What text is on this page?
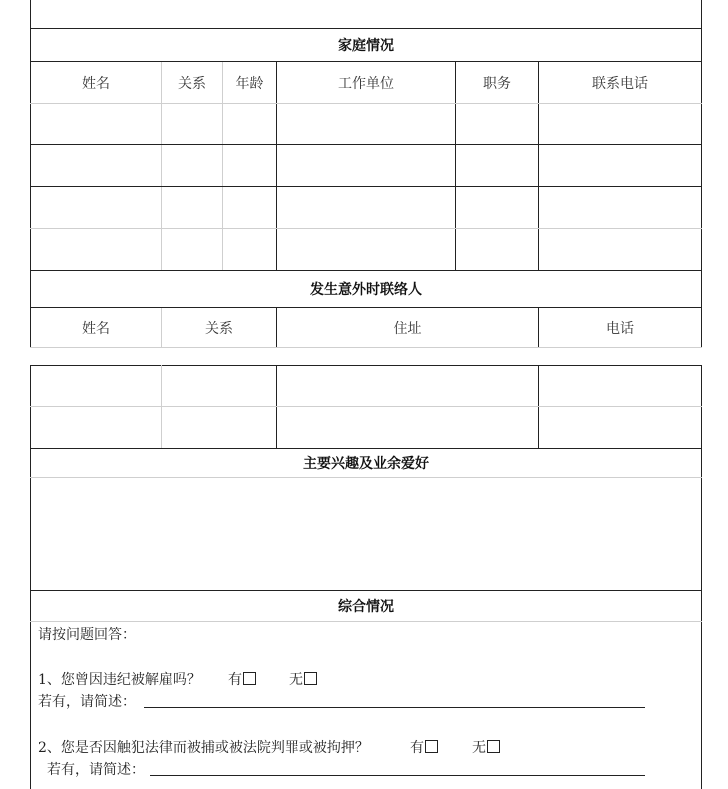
家庭情况
姓名	关系	年龄	工作单位	职务	联系电话
发生意外时联络人
姓名	关系	住址	电话
主要兴趣及业余爱好
综合情况
请按问题回答：
1、您曾因违纪被解雇吗？ 有	无
若有，请简述：
2、您是否因触犯法律而被捕或被法院判罪或被拘押？	有	无
若有，请简述：
